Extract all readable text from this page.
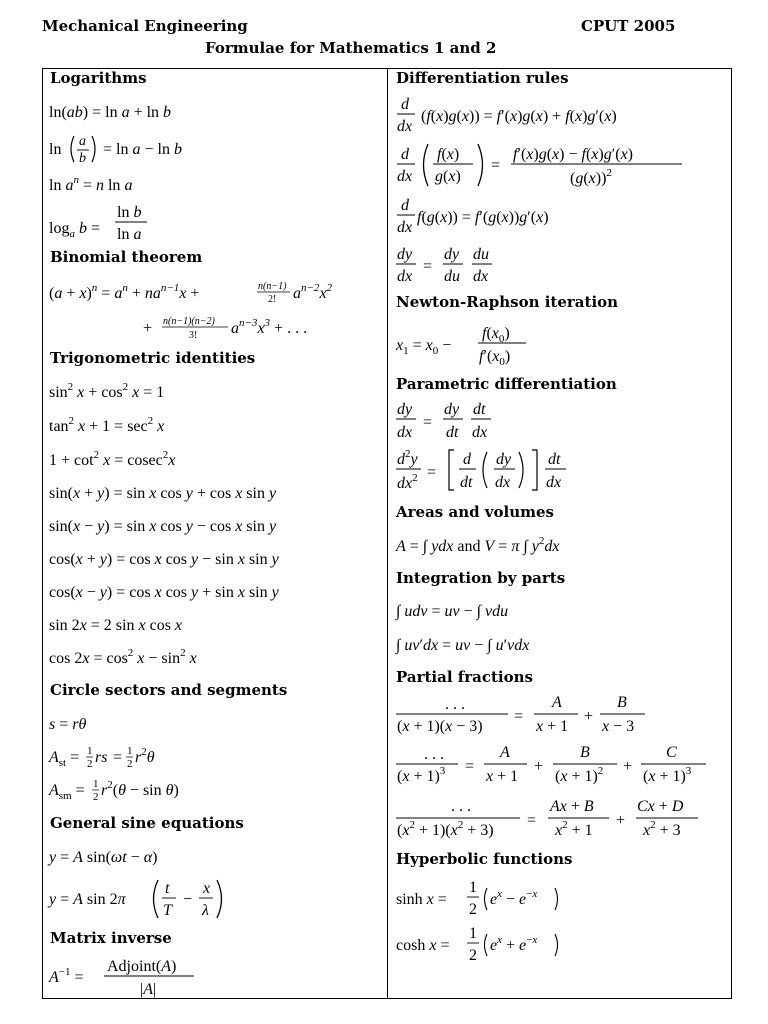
Mechanical Engineering	CPUT 2005
Formulae for Mathematics 1 and 2
Logarithms
ln(ab) = ln a + ln b
ln a
b
= ln a − ln b
$\ln a^n = n$ ln a
$\log_a b$ =
ln b
ln a
$(a + x)^n = a^n + na^{n-1}x$ +	n(n−1)
2! $a^{n-2}x^2$
+ n(n−1)(n−2)
3! $a^{n-3}x^3$ + . . .
$\sin^2 x + \cos^2 x = 1$
$\tan^2 x + 1 = \sec^2 x$
$1 + \cot^2 x = cosec^2x$
sin(x + y) = sin x cos y + cos x sin y
sin(x − y) = sin x cos y − cos x sin y
cos(x + y) = cos x cos y − sin x sin y
cos(x − y) = cos x cos y + sin x sin y
sin 2x = 2 sin x cos x
$\cos 2x = \cos^2 x - \sin^2 x$
s = rθ
$A_{st} = 1$
2 rs = 1
2 $r^2\theta$
$A_{sm} = 1$
2 $r^2(\theta - \sin \theta)$
y = A sin(ωt − α)
y = A sin 2π
t
T
−
x
λ
$A^{-1}$ =
Adjoint(A)
|A|
Binomial theorem
Trigonometric identities
Circle sectors and segments
General sine equations
Matrix inverse
Differentiation rules
Newton-Raphson iteration
Parametric differentiation
Areas and volumes
Integration by parts
Partial fractions
Hyperbolic functions
d
dx
(f(x)g(x)) = f′(x)g(x) + f(x)g′(x)
d
dx
f(x)
g(x)
=
f′(x)g(x) − f(x)g′(x)
$(g(x))^2$
d
dx
f(g(x)) = f′(g(x))g′(x)
dy
dx
=
dy
du
du
dx
$x_1 = x_0$ −
$f(x_0)$
$f'(x_0)$
dy
dx
=
dy
dt
dt
dx
$d^2y$
$dx^2$ =
d
dt
dy
dx
dt
dx
A = ∫ ydx and V = π ∫ $y^2dx$
∫ udv = uv − ∫ vdu
∫ uv′dx = uv − ∫ u′vdx
. . .
(x + 1)(x − 3)
=
A
x + 1
+
B
x − 3
. . .
$(x + 1)^3$ =
A
x + 1
+
B
$(x + 1)^2$ +
C
$(x + 1)^3$
. . .
$(x^2 + 1)(x^2 + 3)$
=
Ax + B
$x^2 + 1$
+
Cx + D
$x^2 + 3$
sinh x =
1
2
$e^x - e^{-x}$
cosh x =
1
2
$e^x + e^{-x}$
